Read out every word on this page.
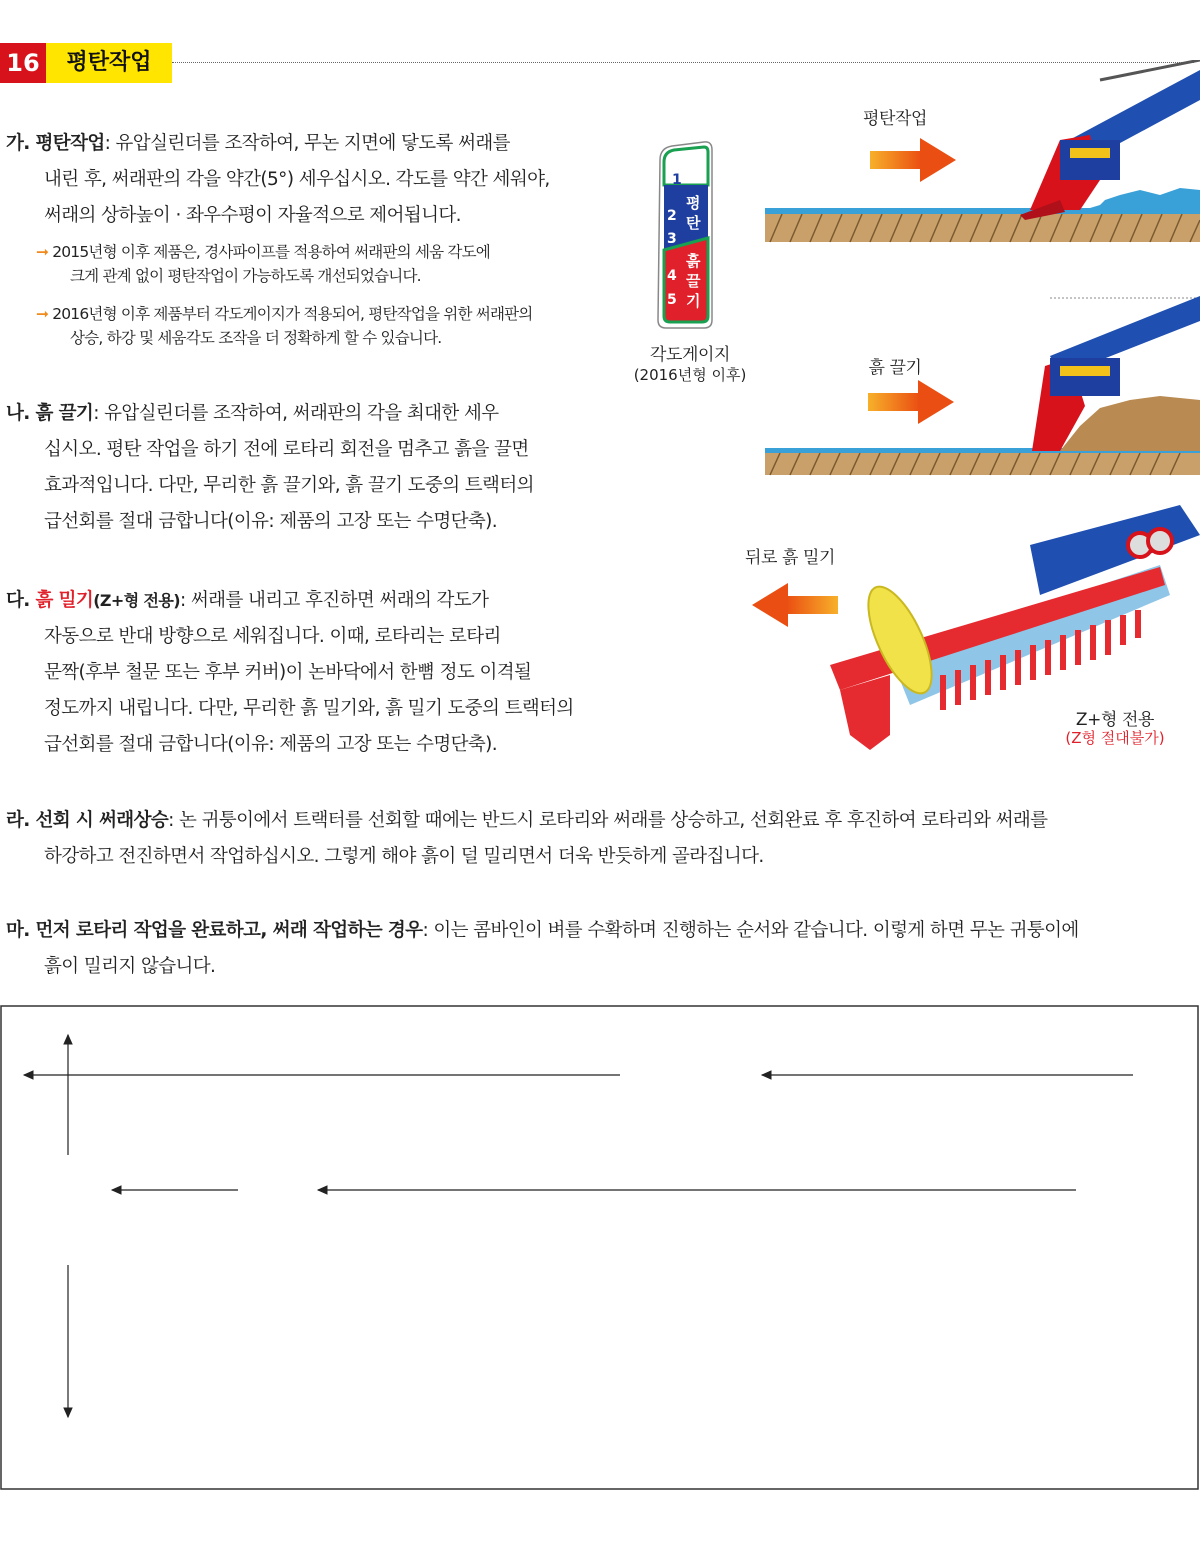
16	평탄작업
가. 평탄작업: 유압실린더를 조작하여, 무논 지면에 닿도록 써래를
내린 후, 써래판의 각을 약간(5°) 세우십시오. 각도를 약간 세워야,
써래의 상하높이 · 좌우수평이 자율적으로 제어됩니다.
➞ 2015년형 이후 제품은, 경사파이프를 적용하여 써래판의 세움 각도에
크게 관계 없이 평탄작업이 가능하도록 개선되었습니다.
➞ 2016년형 이후 제품부터 각도게이지가 적용되어, 평탄작업을 위한 써래판의
상승, 하강 및 세움각도 조작을 더 정확하게 할 수 있습니다.
나. 흙 끌기: 유압실린더를 조작하여, 써래판의 각을 최대한 세우
십시오. 평탄 작업을 하기 전에 로타리 회전을 멈추고 흙을 끌면
효과적입니다. 다만, 무리한 흙 끌기와, 흙 끌기 도중의 트랙터의
급선회를 절대 금합니다(이유: 제품의 고장 또는 수명단축).
다. 흙 밀기(Z+형 전용): 써래를 내리고 후진하면 써래의 각도가
자동으로 반대 방향으로 세워집니다. 이때, 로타리는 로타리
문짝(후부 철문 또는 후부 커버)이 논바닥에서 한뼘 정도 이격될
정도까지 내립니다. 다만, 무리한 흙 밀기와, 흙 밀기 도중의 트랙터의
급선회를 절대 금합니다(이유: 제품의 고장 또는 수명단축).
1
2
3
4
5
평
탄
흙
끌
기
각도게이지
(2016년형 이후)
평탄작업
흙 끌기
뒤로 흙 밀기
Z+형 전용
(Z형 절대불가)
라. 선회 시 써래상승: 논 귀퉁이에서 트랙터를 선회할 때에는 반드시 로타리와 써래를 상승하고, 선회완료 후 후진하여 로타리와 써래를
하강하고 전진하면서 작업하십시오. 그렇게 해야 흙이 덜 밀리면서 더욱 반듯하게 골라집니다.
마. 먼저 로타리 작업을 완료하고, 써래 작업하는 경우: 이는 콤바인이 벼를 수확하며 진행하는 순서와 같습니다. 이렇게 하면 무논 귀퉁이에
흙이 밀리지 않습니다.
